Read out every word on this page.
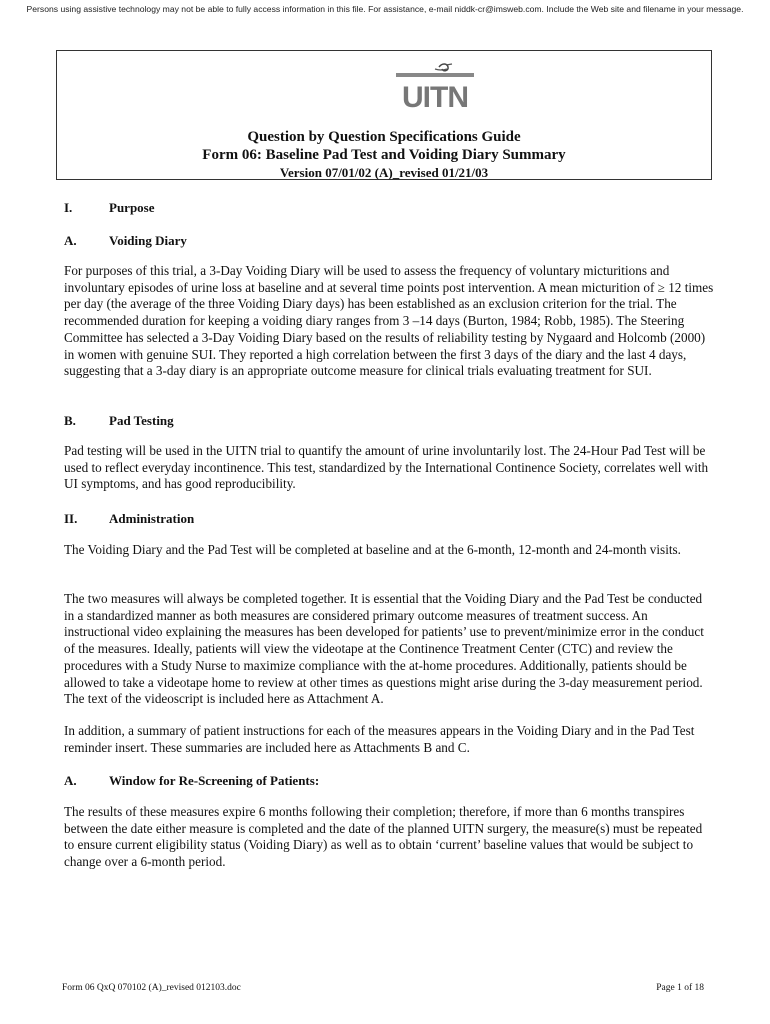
Persons using assistive technology may not be able to fully access information in this file. For assistance, e-mail niddk-cr@imsweb.com. Include the Web site and filename in your message.
UITN
Question by Question Specifications Guide
Form 06: Baseline Pad Test and Voiding Diary Summary
Version 07/01/02 (A)_revised 01/21/03
I.	Purpose
A. Voiding Diary
For purposes of this trial, a 3-Day Voiding Diary will be used to assess the frequency of voluntary micturitions and involuntary episodes of urine loss at baseline and at several time points post intervention. A mean micturition of ≥ 12 times per day (the average of the three Voiding Diary days) has been established as an exclusion criterion for the trial. The recommended duration for keeping a voiding diary ranges from 3 –14 days (Burton, 1984; Robb, 1985). The Steering Committee has selected a 3-Day Voiding Diary based on the results of reliability testing by Nygaard and Holcomb (2000) in women with genuine SUI. They reported a high correlation between the first 3 days of the diary and the last 4 days, suggesting that a 3-day diary is an appropriate outcome measure for clinical trials evaluating treatment for SUI.
B.	Pad Testing
Pad testing will be used in the UITN trial to quantify the amount of urine involuntarily lost. The 24-Hour Pad Test will be used to reflect everyday incontinence. This test, standardized by the International Continence Society, correlates well with UI symptoms, and has good reproducibility.
II. Administration
The Voiding Diary and the Pad Test will be completed at baseline and at the 6-month, 12-month and 24-month visits.
The two measures will always be completed together. It is essential that the Voiding Diary and the Pad Test be conducted in a standardized manner as both measures are considered primary outcome measures of treatment success. An instructional video explaining the measures has been developed for patients’ use to prevent/minimize error in the conduct of the measures. Ideally, patients will view the videotape at the Continence Treatment Center (CTC) and review the procedures with a Study Nurse to maximize compliance with the at-home procedures. Additionally, patients should be allowed to take a videotape home to review at other times as questions might arise during the 3-day measurement period. The text of the videoscript is included here as Attachment A.
In addition, a summary of patient instructions for each of the measures appears in the Voiding Diary and in the Pad Test reminder insert. These summaries are included here as Attachments B and C.
A. Window for Re-Screening of Patients:
The results of these measures expire 6 months following their completion; therefore, if more than 6 months transpires between the date either measure is completed and the date of the planned UITN surgery, the measure(s) must be repeated to ensure current eligibility status (Voiding Diary) as well as to obtain ‘current’ baseline values that would be subject to change over a 6-month period.
Form 06 QxQ 070102 (A)_revised 012103.doc	Page 1 of 18
